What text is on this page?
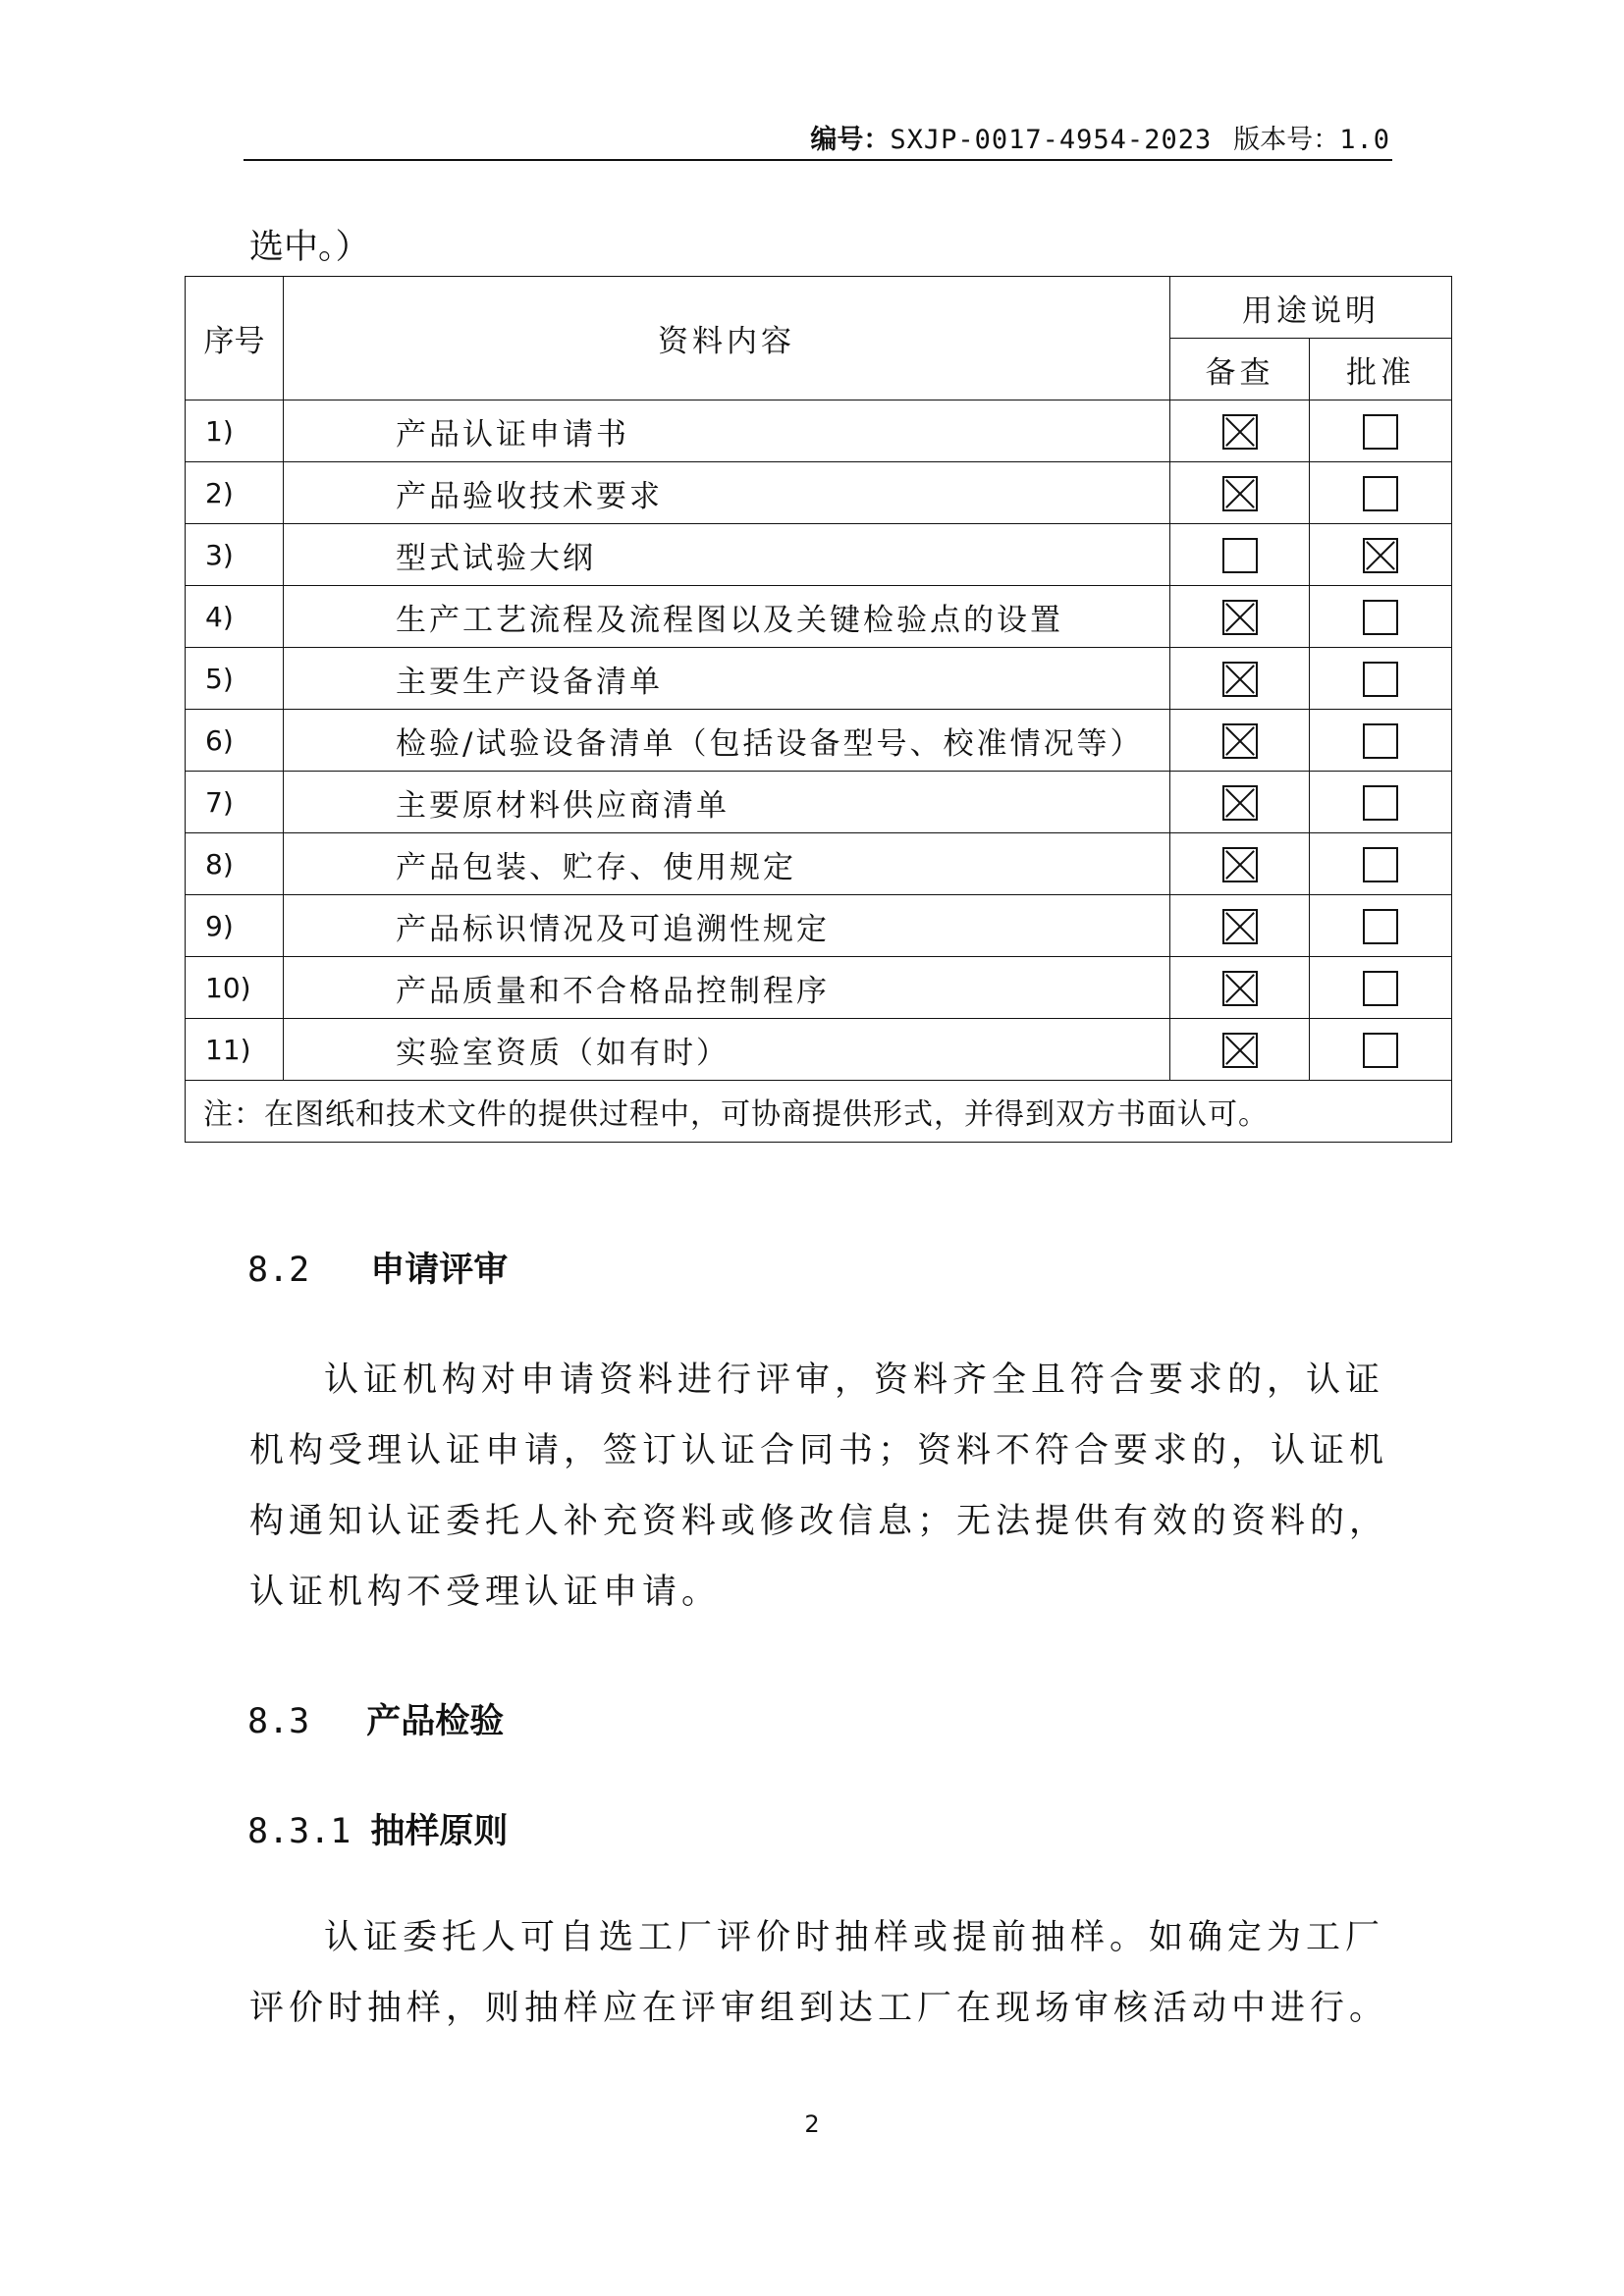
编号：SXJP-0017-4954-2023 版本号：1.0
选中。）
序号	资料内容	用途说明	
		备查	批准
1)	产品认证申请书		
2)	产品验收技术要求		
3)	型式试验大纲		
4)	生产工艺流程及流程图以及关键检验点的设置		
5)	主要生产设备清单		
6)	检验/试验设备清单（包括设备型号、校准情况等）		
7)	主要原材料供应商清单		
8)	产品包装、贮存、使用规定		
9)	产品标识情况及可追溯性规定		
10)	产品质量和不合格品控制程序		
11)	实验室资质（如有时）		
注：在图纸和技术文件的提供过程中，可协商提供形式，并得到双方书面认可。			
8.2 申请评审
认证机构对申请资料进行评审，资料齐全且符合要求的，认证
机构受理认证申请，签订认证合同书；资料不符合要求的，认证机
构通知认证委托人补充资料或修改信息；无法提供有效的资料的，
认证机构不受理认证申请。
8.3 产品检验
8.3.1 抽样原则
认证委托人可自选工厂评价时抽样或提前抽样。如确定为工厂
评价时抽样，则抽样应在评审组到达工厂在现场审核活动中进行。
2
